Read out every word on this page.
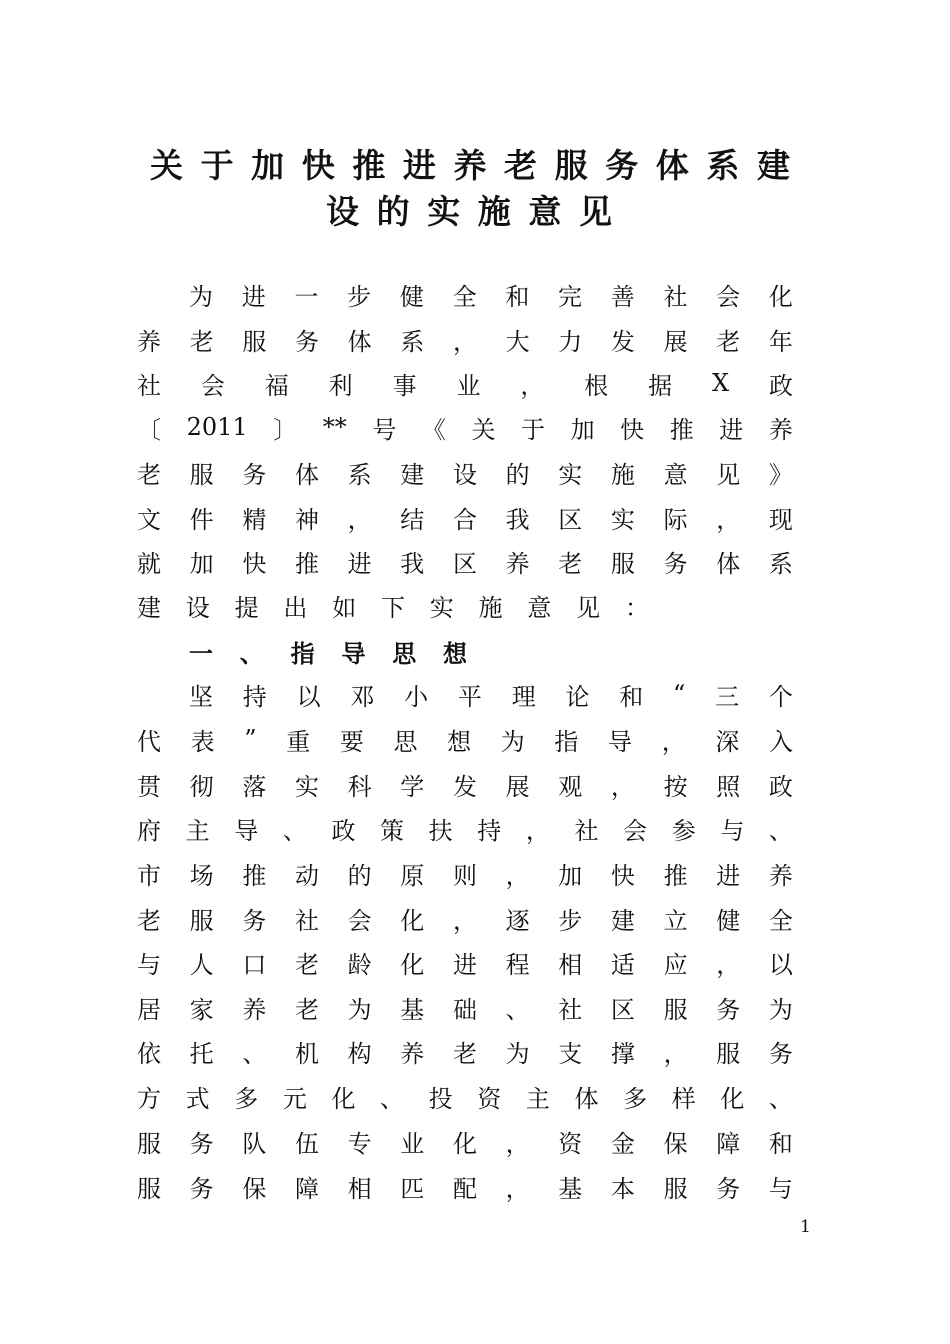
关 于 加 快 推 进 养 老 服 务 体 系 建
设 的 实 施 意 见
为 进 一 步 健 全 和 完 善 社 会 化
养 老 服 务 体 系 ， 大 力 发 展 老 年
社 会 福 利 事 业 ， 根 据 X 政
〔 2011 〕 ** 号 《 关 于 加 快 推 进 养
老 服 务 体 系 建 设 的 实 施 意 见 》
文 件 精 神 ， 结 合 我 区 实 际 ， 现
就 加 快 推 进 我 区 养 老 服 务 体 系
建 设 提 出 如 下 实 施 意 见 ：
一 、 指 导 思 想
坚 持 以 邓 小 平 理 论 和 “ 三 个
代 表 ” 重 要 思 想 为 指 导 ， 深 入
贯 彻 落 实 科 学 发 展 观 ， 按 照 政
府 主 导 、 政 策 扶 持 ， 社 会 参 与 、
市 场 推 动 的 原 则 ， 加 快 推 进 养
老 服 务 社 会 化 ， 逐 步 建 立 健 全
与 人 口 老 龄 化 进 程 相 适 应 ， 以
居 家 养 老 为 基 础 、 社 区 服 务 为
依 托 、 机 构 养 老 为 支 撑 ， 服 务
方 式 多 元 化 、 投 资 主 体 多 样 化 、
服 务 队 伍 专 业 化 ， 资 金 保 障 和
服 务 保 障 相 匹 配 ， 基 本 服 务 与
1
